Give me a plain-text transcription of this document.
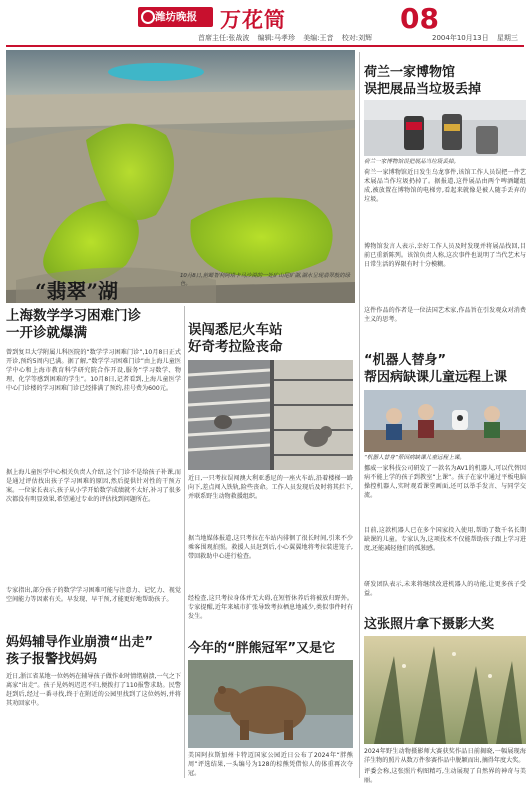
潍坊晚报	万花筒	08
首席主任:张战波 编辑:马孝珍 美编:王音 校对:刘辉	2004年10月13日 星期三
“翡翠”湖
10月8日,俯瞰智利阿塔卡马沙漠的一处矿山尾矿湖,湖水呈现翡翠般的绿色。
上海数学学习困难门诊
一开诊就爆满
曾到复旦大学附属儿科医院的“数学学习困难门诊”,10月8日正式开诊,预约5周内已满。据了解,“数学学习困难门诊”由上海儿童医学中心和上海市教育科学研究院合作开设,服务“学习数学、物理、化学等感到困难的学生”。10月8日,记者看到,上海儿童医学中心门诊楼的学习困难门诊已经排满了预约,挂号费为600元。
据上海儿童医学中心相关负责人介绍,这个门诊不是给孩子补课,而是通过评估找出孩子学习困难的原因,然后提供针对性的干预方案。一位家长表示,孩子从小学开始数学成绩就不太好,补习了很多次都没有明显效果,希望通过专业的评估找到问题所在。
专家指出,部分孩子的数学学习困难可能与注意力、记忆力、视觉空间能力等因素有关。早发现、早干预,才能更好地帮助孩子。
妈妈辅导作业崩溃“出走”
孩子报警找妈妈
近日,浙江省某地一位妈妈在辅导孩子做作业时情绪崩溃,一气之下离家“出走”。孩子见妈妈迟迟不归,便拨打了110报警求助。民警赶到后,经过一番寻找,终于在附近的公园里找到了这位妈妈,并将其劝回家中。
误闯悉尼火车站
好奇考拉险丧命
近日,一只考拉误闯澳大利亚悉尼的一座火车站,沿着楼梯一路向下,差点闯入铁轨,险些丧命。工作人员发现后及时将其拦下,并联系野生动物救援组织。
据当地媒体报道,这只考拉在车站内徘徊了很长时间,引来不少乘客围观拍照。救援人员赶到后,小心翼翼地将考拉装进笼子,带回救助中心进行检查。
经检查,这只考拉身体并无大碍,在短暂休养后将被放归野外。专家提醒,近年来城市扩张导致考拉栖息地减少,类似事件时有发生。
今年的“胖熊冠军”又是它
美国阿拉斯加州卡特迈国家公园近日公布了2024年“胖熊周”评选结果,一头编号为128的棕熊凭借惊人的体重再次夺冠。
荷兰一家博物馆
误把展品当垃圾丢掉
荷兰一家博物馆误把展品当垃圾丢掉。
荷兰一家博物馆近日发生乌龙事件,该馆工作人员误把一件艺术展品当作垃圾扔掉了。据报道,这件展品由两个啤酒罐组成,被放置在博物馆的电梯旁,看起来就像是被人随手丢弃的垃圾。
博物馆发言人表示,幸好工作人员及时发现并将展品找回,目前已重新陈列。该馆负责人称,这次事件也说明了当代艺术与日常生活的界限有时十分模糊。
这件作品的作者是一位法国艺术家,作品旨在引发观众对消费主义的思考。
“机器人替身”
帮因病缺课儿童远程上课
“机器人替身”帮因病缺课儿童远程上课。
挪威一家科技公司研发了一款名为AV1的机器人,可以代替因病不能上学的孩子到教室“上课”。孩子在家中通过平板电脑操控机器人,实时观看课堂画面,还可以举手发言、与同学交流。
目前,这款机器人已在多个国家投入使用,帮助了数千名长期缺课的儿童。专家认为,这项技术不仅能帮助孩子跟上学习进度,还能减轻他们的孤独感。
研发团队表示,未来将继续改进机器人的功能,让更多孩子受益。
这张照片拿下摄影大奖
2024年野生动物摄影师大赛获奖作品日前揭晓,一幅展现海洋生物的照片从数万件参赛作品中脱颖而出,摘得年度大奖。
评委会称,这张照片构图精巧,生动展现了自然界的神奇与美丽。
